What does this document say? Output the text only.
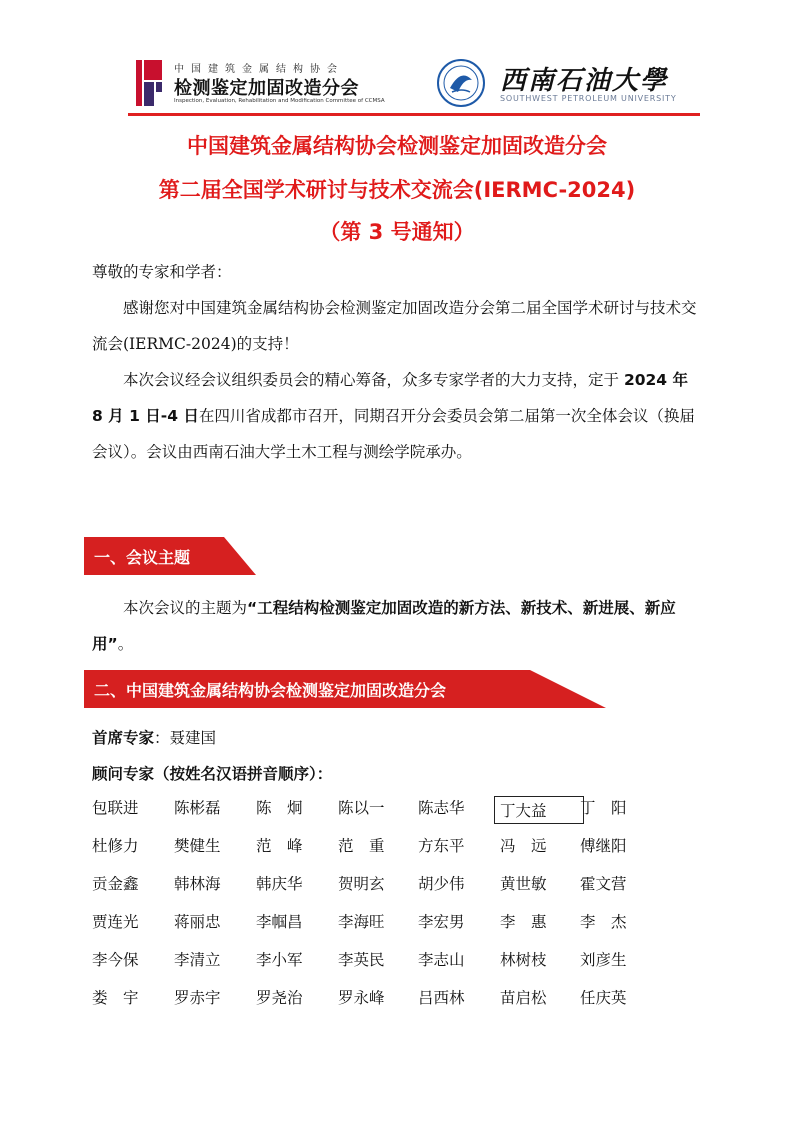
中国建筑金属结构协会
检测鉴定加固改造分会
Inspection, Evaluation, Rehabilitation and Modification Committee of CCMSA
西南石油大學
SOUTHWEST PETROLEUM UNIVERSITY
中国建筑金属结构协会检测鉴定加固改造分会
第二届全国学术研讨与技术交流会(IERMC-2024)
（第 3 号通知）
尊敬的专家和学者：
感谢您对中国建筑金属结构协会检测鉴定加固改造分会第二届全国学术研讨与技术交流会(IERMC-2024)的支持！
本次会议经会议组织委员会的精心筹备，众多专家学者的大力支持，定于 2024 年 8 月 1 日-4 日在四川省成都市召开，同期召开分会委员会第二届第一次全体会议（换届会议）。会议由西南石油大学土木工程与测绘学院承办。
一、会议主题
本次会议的主题为“工程结构检测鉴定加固改造的新方法、新技术、新进展、新应用”。
二、中国建筑金属结构协会检测鉴定加固改造分会
首席专家：聂建国
顾问专家（按姓名汉语拼音顺序）：
包联进	陈彬磊	陈　炯	陈以一	陈志华	丁大益	丁　阳
杜修力	樊健生	范　峰	范　重	方东平	冯　远	傅继阳
贡金鑫	韩林海	韩庆华	贺明玄	胡少伟	黄世敏	霍文营
贾连光	蒋丽忠	李帼昌	李海旺	李宏男	李　惠	李　杰
李今保	李清立	李小军	李英民	李志山	林树枝	刘彦生
娄　宇	罗赤宇	罗尧治	罗永峰	吕西林	苗启松	任庆英
